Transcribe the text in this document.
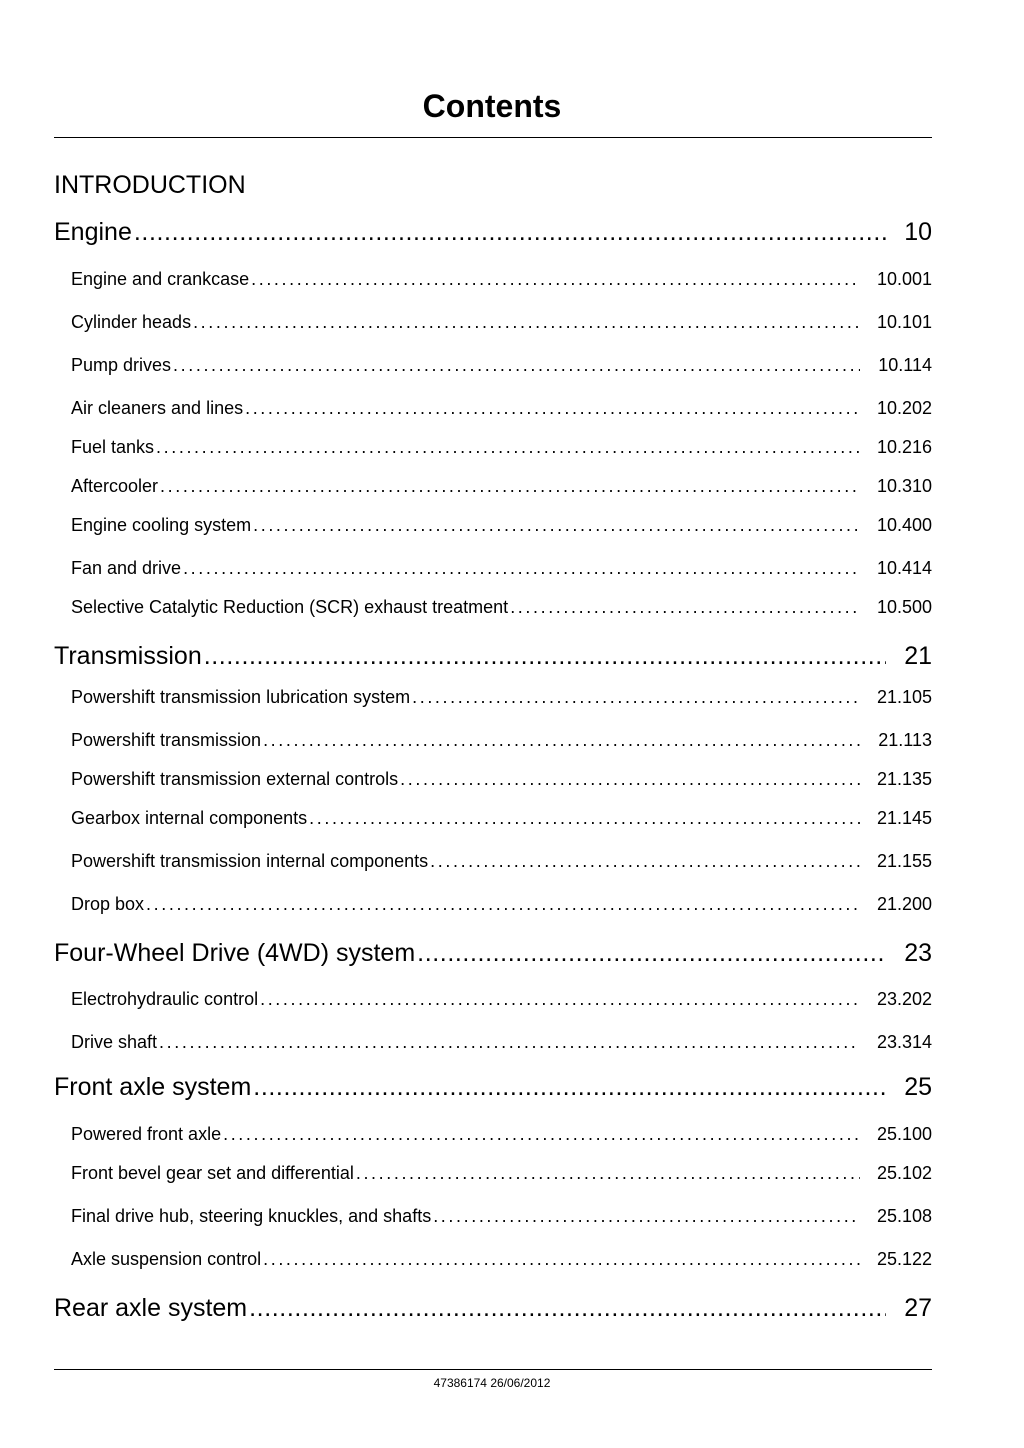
Contents
INTRODUCTION
Engine .....	10
Engine and crankcase . . .	10.001
Cylinder heads . . .	10.101
Pump drives . . .	10.114
Air cleaners and lines . . .	10.202
Fuel tanks . . .	10.216
Aftercooler . . .	10.310
Engine cooling system . . .	10.400
Fan and drive . . .	10.414
Selective Catalytic Reduction (SCR) exhaust treatment . . .	10.500
Transmission .....	21
Powershift transmission lubrication system . . .	21.105
Powershift transmission . . .	21.113
Powershift transmission external controls . . .	21.135
Gearbox internal components . . .	21.145
Powershift transmission internal components . . .	21.155
Drop box . . .	21.200
Four-Wheel Drive (4WD) system .....	23
Electrohydraulic control . . .	23.202
Drive shaft . . .	23.314
Front axle system .....	25
Powered front axle . . .	25.100
Front bevel gear set and differential . . .	25.102
Final drive hub, steering knuckles, and shafts . . .	25.108
Axle suspension control . . .	25.122
Rear axle system .....	27
47386174 26/06/2012
